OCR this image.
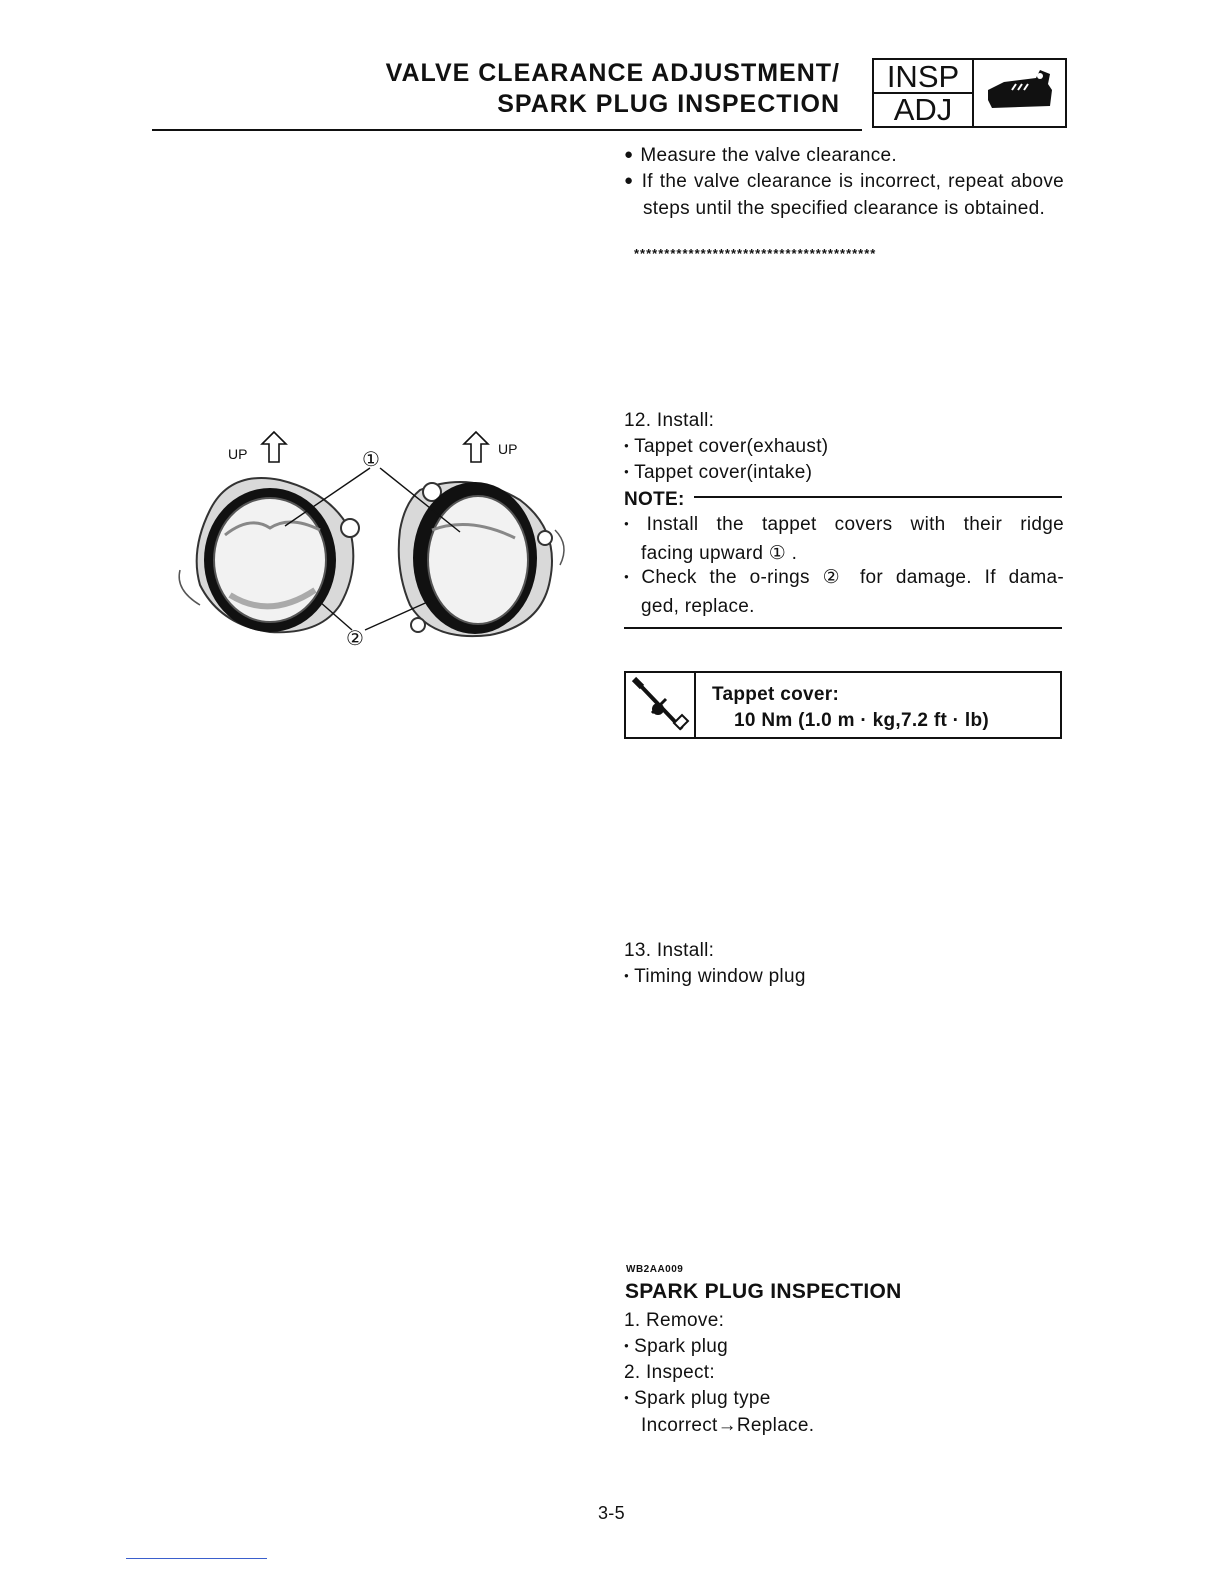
VALVE CLEARANCE ADJUSTMENT/
SPARK PLUG INSPECTION
INSP
ADJ
● Measure the valve clearance.
● If the valve clearance is incorrect, repeat above steps until the specified clearance is obtained.
****************************************
UP	UP
①
②
12. Install:
● Tappet cover(exhaust)
● Tappet cover(intake)
NOTE:
● Install the tappet covers with their ridge
facing upward ① .
● Check the o-rings ② for damage. If dama-
ged, replace.
Tappet cover:
10 Nm (1.0 m · kg,7.2 ft · lb)
13. Install:
● Timing window plug
WB2AA009
SPARK PLUG INSPECTION
1. Remove:
● Spark plug
2. Inspect:
● Spark plug type
Incorrect→Replace.
3-5
